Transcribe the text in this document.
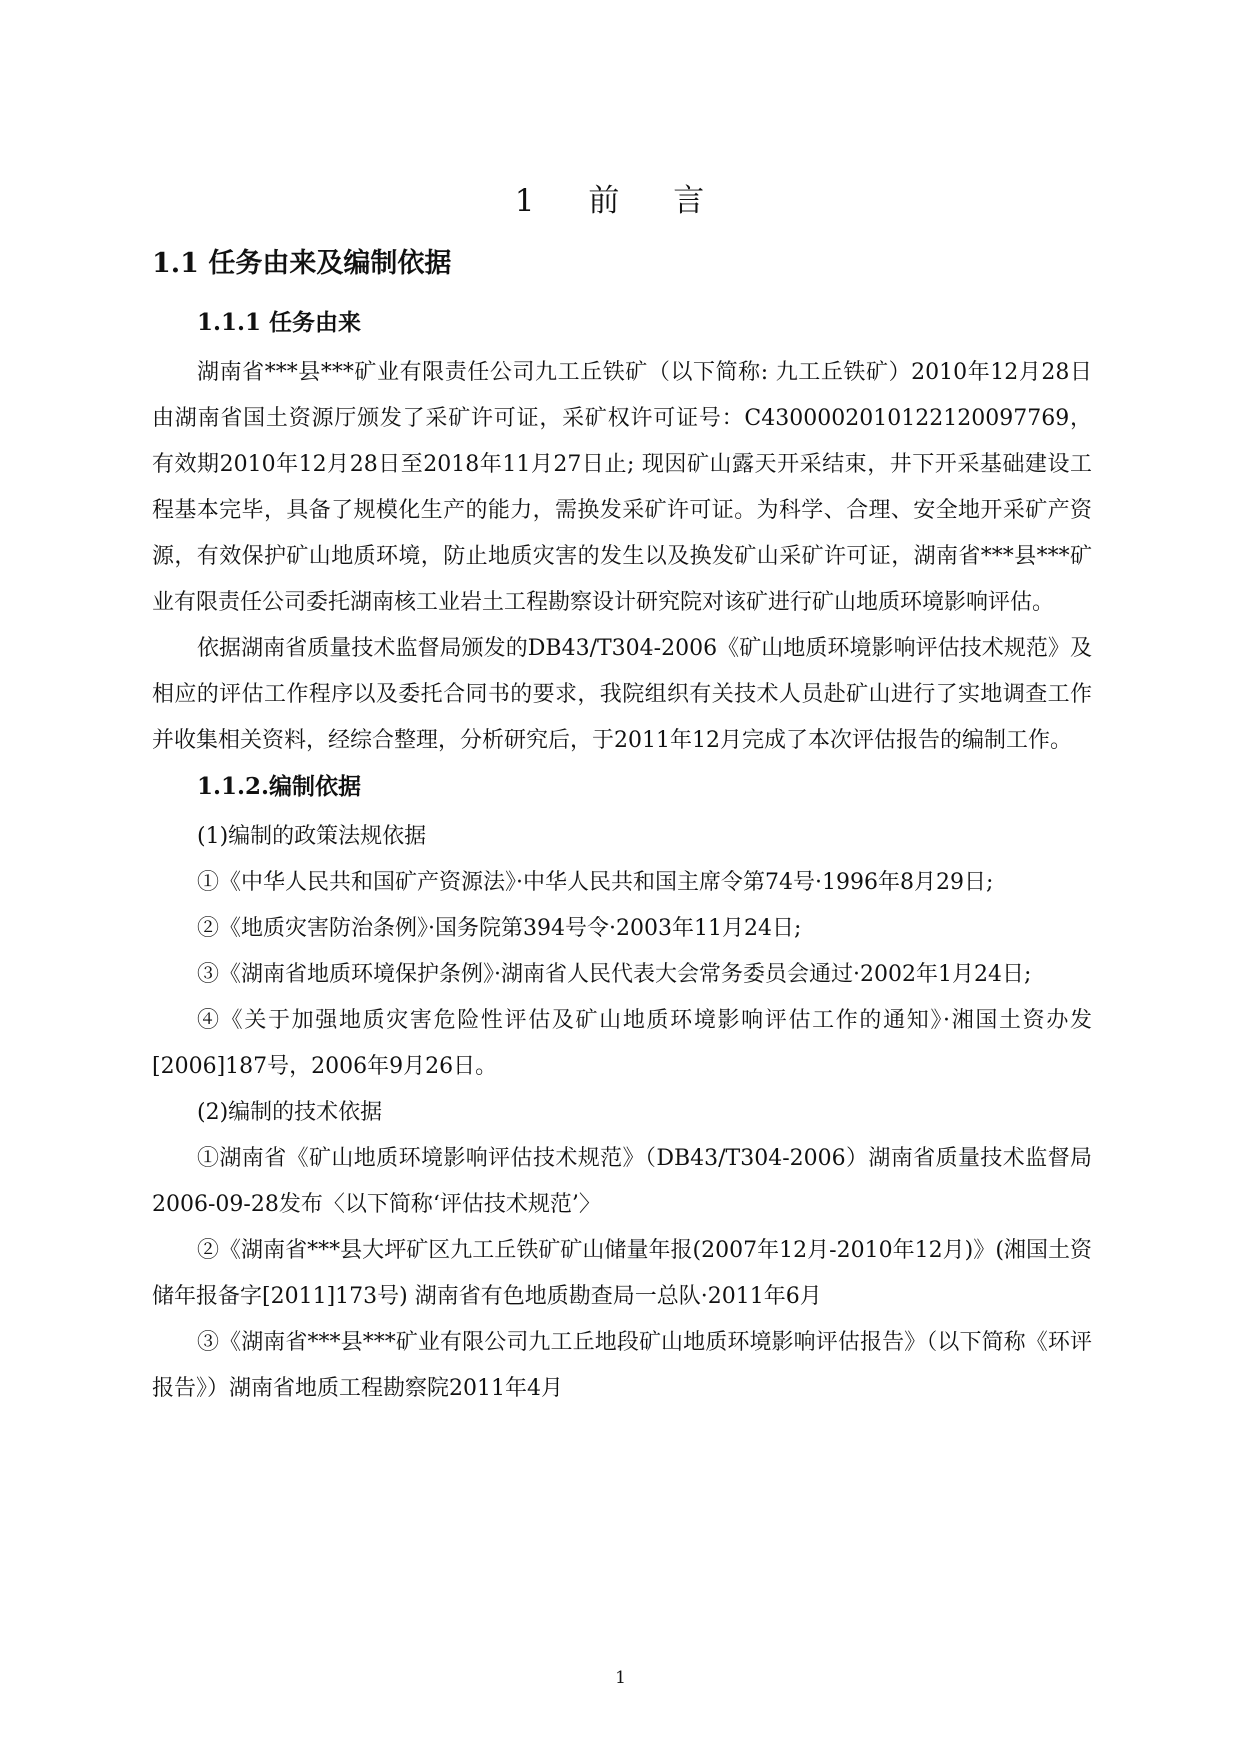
1 前 言
1.1 任务由来及编制依据
1.1.1 任务由来

湖南省***县***矿业有限责任公司九工丘铁矿（以下简称: 九工丘铁矿）2010年12月28日由湖南省国土资源厅颁发了采矿许可证，采矿权许可证号：C4300002010122120097769，有效期2010年12月28日至2018年11月27日止; 现因矿山露天开采结束，井下开采基础建设工程基本完毕，具备了规模化生产的能力，需换发采矿许可证。为科学、合理、安全地开采矿产资源，有效保护矿山地质环境，防止地质灾害的发生以及换发矿山采矿许可证，湖南省***县***矿业有限责任公司委托湖南核工业岩土工程勘察设计研究院对该矿进行矿山地质环境影响评估。

依据湖南省质量技术监督局颁发的DB43/T304-2006《矿山地质环境影响评估技术规范》及相应的评估工作程序以及委托合同书的要求，我院组织有关技术人员赴矿山进行了实地调查工作并收集相关资料，经综合整理，分析研究后，于2011年12月完成了本次评估报告的编制工作。

1.1.2.编制依据

(1)编制的政策法规依据

①《中华人民共和国矿产资源法》·中华人民共和国主席令第74号·1996年8月29日;

②《地质灾害防治条例》·国务院第394号令·2003年11月24日;

③《湖南省地质环境保护条例》·湖南省人民代表大会常务委员会通过·2002年1月24日;

④《关于加强地质灾害危险性评估及矿山地质环境影响评估工作的通知》·湘国土资办发[2006]187号，2006年9月26日。

(2)编制的技术依据

①湖南省《矿山地质环境影响评估技术规范》（DB43/T304-2006）湖南省质量技术监督局2006-09-28发布〈以下简称‘评估技术规范’〉

②《湖南省***县大坪矿区九工丘铁矿矿山储量年报(2007年12月-2010年12月)》(湘国土资储年报备字[2011]173号) 湖南省有色地质勘查局一总队·2011年6月

③《湖南省***县***矿业有限公司九工丘地段矿山地质环境影响评估报告》（以下简称《环评报告》）湖南省地质工程勘察院2011年4月

1
